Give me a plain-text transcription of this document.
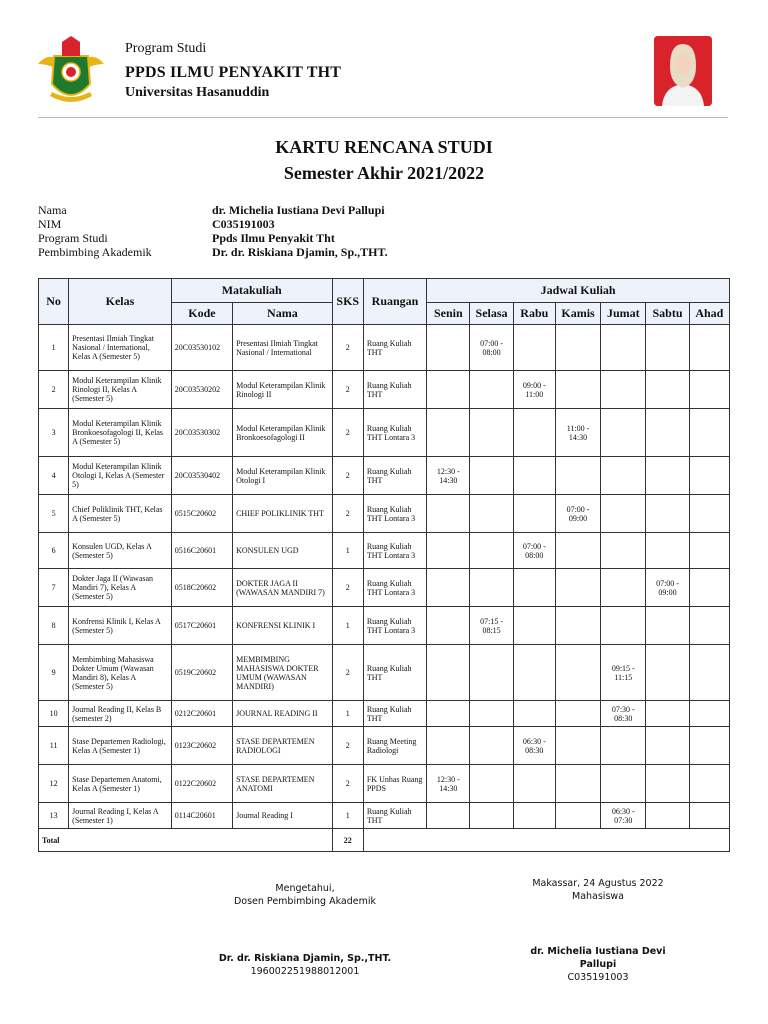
Program Studi
PPDS ILMU PENYAKIT THT
Universitas Hasanuddin
KARTU RENCANA STUDI
Semester Akhir 2021/2022
Nama	dr. Michelia Iustiana Devi Pallupi
NIM	C035191003
Program Studi	Ppds Ilmu Penyakit Tht
Pembimbing Akademik	Dr. dr. Riskiana Djamin, Sp.,THT.
No	Kelas	Matakuliah		SKS	Ruangan	Jadwal Kuliah						
		Kode	Nama			Senin	Selasa	Rabu	Kamis	Jumat	Sabtu	Ahad
1	Presentasi Ilmiah Tingkat Nasional / International, Kelas A (Semester 5)	20C03530102	Presentasi Ilmiah Tingkat Nasional / International	2	Ruang Kuliah THT		07:00 - 08:00					
2	Modul Keterampilan Klinik Rinologi II, Kelas A (Semester 5)	20C03530202	Modul Keterampilan Klinik Rinologi II	2	Ruang Kuliah THT			09:00 - 11:00				
3	Modul Keterampilan Klinik Bronkoesofagologi II, Kelas A (Semester 5)	20C03530302	Modul Keterampilan Klinik Bronkoesofagologi II	2	Ruang Kuliah THT Lontara 3				11:00 - 14:30			
4	Modul Keterampilan Klinik Otologi I, Kelas A (Semester 5)	20C03530402	Modul Keterampilan Klinik Otologi I	2	Ruang Kuliah THT	12:30 - 14:30						
5	Chief Poliklinik THT, Kelas A (Semester 5)	0515C20602	CHIEF POLIKLINIK THT	2	Ruang Kuliah THT Lontara 3				07:00 - 09:00			
6	Konsulen UGD, Kelas A (Semester 5)	0516C20601	KONSULEN UGD	1	Ruang Kuliah THT Lontara 3			07:00 - 08:00				
7	Dokter Jaga II (Wawasan Mandiri 7), Kelas A (Semester 5)	0518C20602	DOKTER JAGA II (WAWASAN MANDIRI 7)	2	Ruang Kuliah THT Lontara 3						07:00 - 09:00	
8	Konfrensi Klinik I, Kelas A (Semester 5)	0517C20601	KONFRENSI KLINIK I	1	Ruang Kuliah THT Lontara 3		07:15 - 08:15					
9	Membimbing Mahasiswa Dokter Umum (Wawasan Mandiri 8), Kelas A (Semester 5)	0519C20602	MEMBIMBING MAHASISWA DOKTER UMUM (WAWASAN MANDIRI)	2	Ruang Kuliah THT					09:15 - 11:15		
10	Journal Reading II, Kelas B (semester 2)	0212C20601	JOURNAL READING II	1	Ruang Kuliah THT					07:30 - 08:30		
11	Stase Departemen Radiologi, Kelas A (Semester 1)	0123C20602	STASE DEPARTEMEN RADIOLOGI	2	Ruang Meeting Radiologi			06:30 - 08:30				
12	Stase Departemen Anatomi, Kelas A (Semester 1)	0122C20602	STASE DEPARTEMEN ANATOMI	2	FK Unhas Ruang PPDS	12:30 - 14:30						
13	Journal Reading I, Kelas A (Semester 1)	0114C20601	Journal Reading I	1	Ruang Kuliah THT					06:30 - 07:30		
Total				22								
Mengetahui,
Dosen Pembimbing Akademik
Dr. dr. Riskiana Djamin, Sp.,THT.
196002251988012001
Makassar, 24 Agustus 2022
Mahasiswa
dr. Michelia Iustiana Devi Pallupi
C035191003
